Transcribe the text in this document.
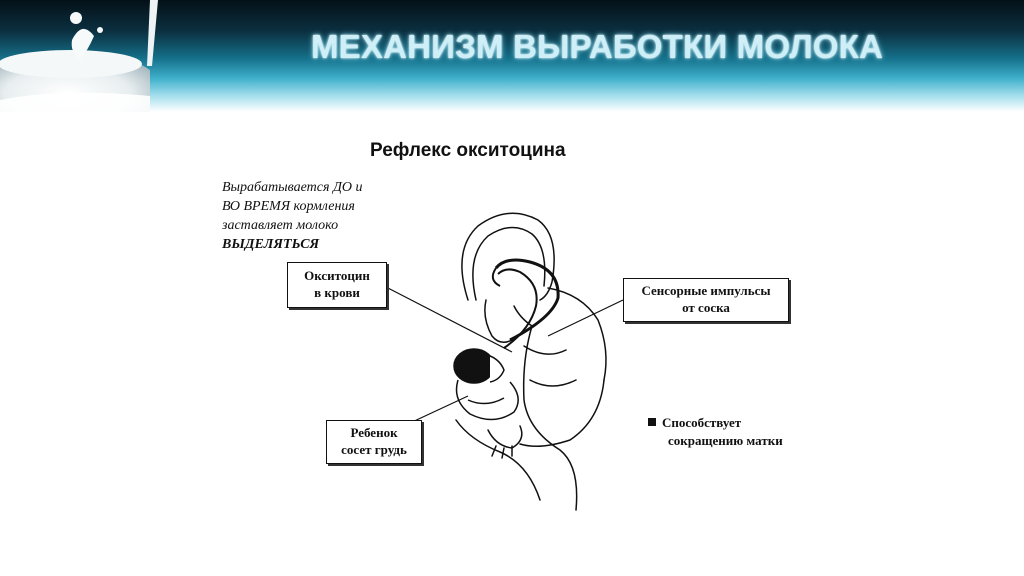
МЕХАНИЗМ ВЫРАБОТКИ МОЛОКА
Рефлекс окситоцина
Вырабатывается ДО и
ВО ВРЕМЯ кормления
заставляет молоко
ВЫДЕЛЯТЬСЯ
Окситоцин
в крови	Сенсорные импульсы
от соска
Ребенок
сосет грудь
Способствует
сокращению матки
